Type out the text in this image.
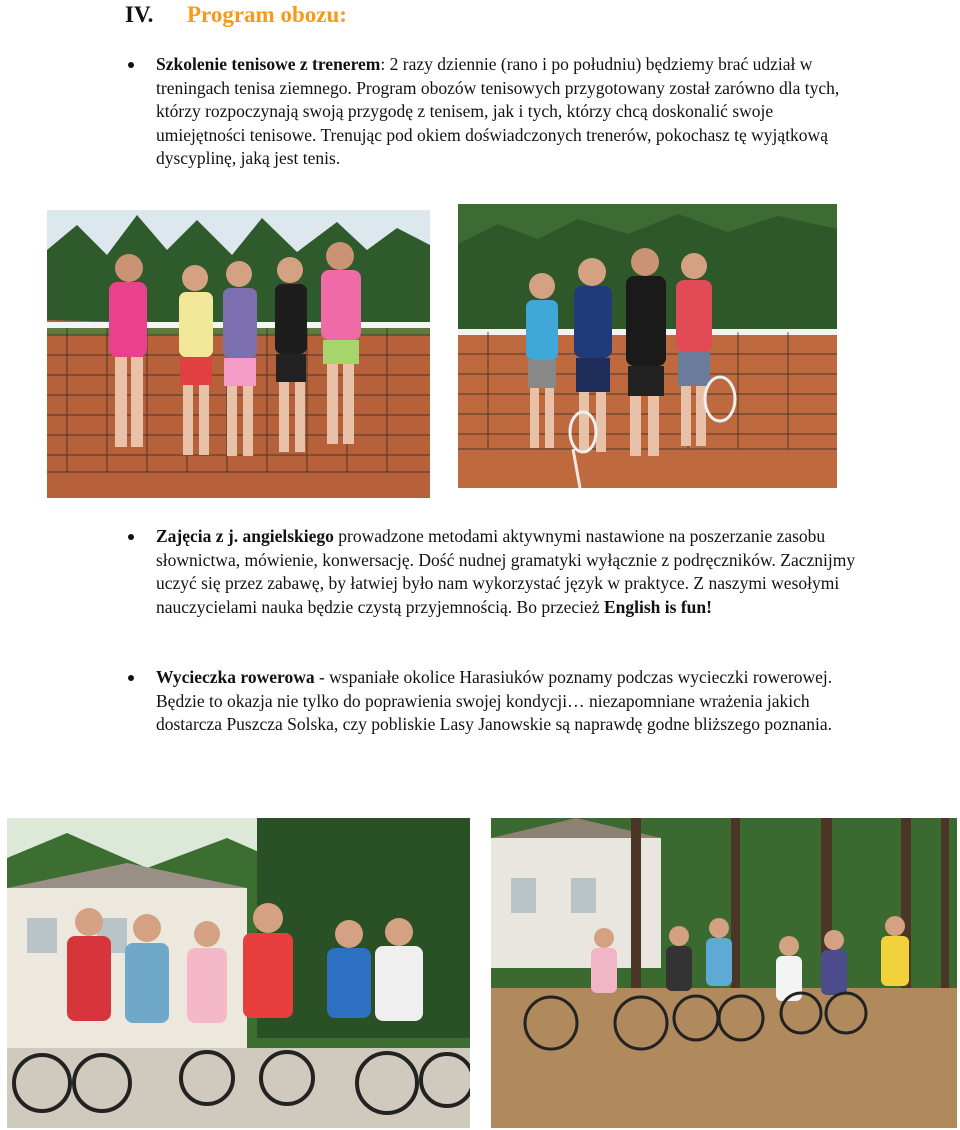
IV. Program obozu:
Szkolenie tenisowe z trenerem: 2 razy dziennie (rano i po południu) będziemy brać udział w treningach tenisa ziemnego. Program obozów tenisowych przygotowany został zarówno dla tych, którzy rozpoczynają swoją przygodę z tenisem, jak i tych, którzy chcą doskonalić swoje umiejętności tenisowe. Trenując pod okiem doświadczonych trenerów, pokochasz tę wyjątkową dyscyplinę, jaką jest tenis.
Zajęcia z j. angielskiego prowadzone metodami aktywnymi nastawione na poszerzanie zasobu słownictwa, mówienie, konwersację. Dość nudnej gramatyki wyłącznie z podręczników. Zacznijmy uczyć się przez zabawę, by łatwiej było nam wykorzystać język w praktyce. Z naszymi wesołymi nauczycielami nauka będzie czystą przyjemnością. Bo przecież English is fun!
Wycieczka rowerowa - wspaniałe okolice Harasiuków poznamy podczas wycieczki rowerowej. Będzie to okazja nie tylko do poprawienia swojej kondycji… niezapomniane wrażenia jakich dostarcza Puszcza Solska, czy pobliskie Lasy Janowskie są naprawdę godne bliższego poznania.
